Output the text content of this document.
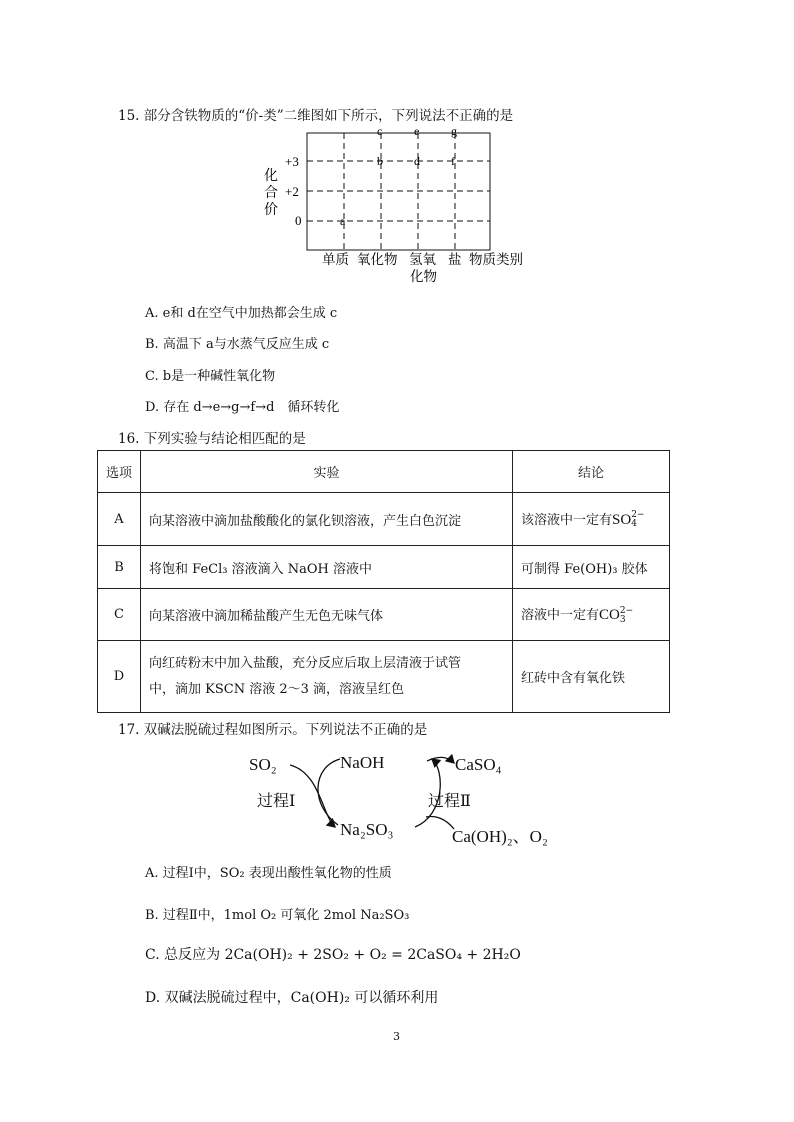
15. 部分含铁物质的“价-类”二维图如下所示，下列说法不正确的是
化
合
价
+3
+2
0	a
b
c
d
e
f
g
单质 氧化物 氢氧化物
盐 物质类别
A. e和 d在空气中加热都会生成 c
B. 高温下 a与水蒸气反应生成 c
C. b是一种碱性氧化物
D. 存在 d→e→g→f→d　循环转化
16. 下列实验与结论相匹配的是
选项	实验	结论
A	向某溶液中滴加盐酸酸化的氯化钡溶液，产生白色沉淀	该溶液中一定有SO 2−
4

B	将饱和 FeCl₃ 溶液滴入 NaOH 溶液中	可制得 Fe(OH)₃ 胶体
C	向某溶液中滴加稀盐酸产生无色无味气体	溶液中一定有CO 2−
3

D	向红砖粉末中加入盐酸，充分反应后取上层清液于试管
中，滴加 KSCN 溶液 2～3 滴，溶液呈红色	红砖中含有氧化铁
17. 双碱法脱硫过程如图所示。下列说法不正确的是
SO₂	NaOH	CaSO₄
过程Ⅰ	过程Ⅱ
Na₂SO₃	Ca(OH)₂、O₂
A. 过程Ⅰ中，SO₂ 表现出酸性氧化物的性质
B. 过程Ⅱ中，1mol O₂ 可氧化 2mol Na₂SO₃
C. 总反应为 2Ca(OH)₂ + 2SO₂ + O₂ = 2CaSO₄ + 2H₂O
D. 双碱法脱硫过程中，Ca(OH)₂ 可以循环利用
3
